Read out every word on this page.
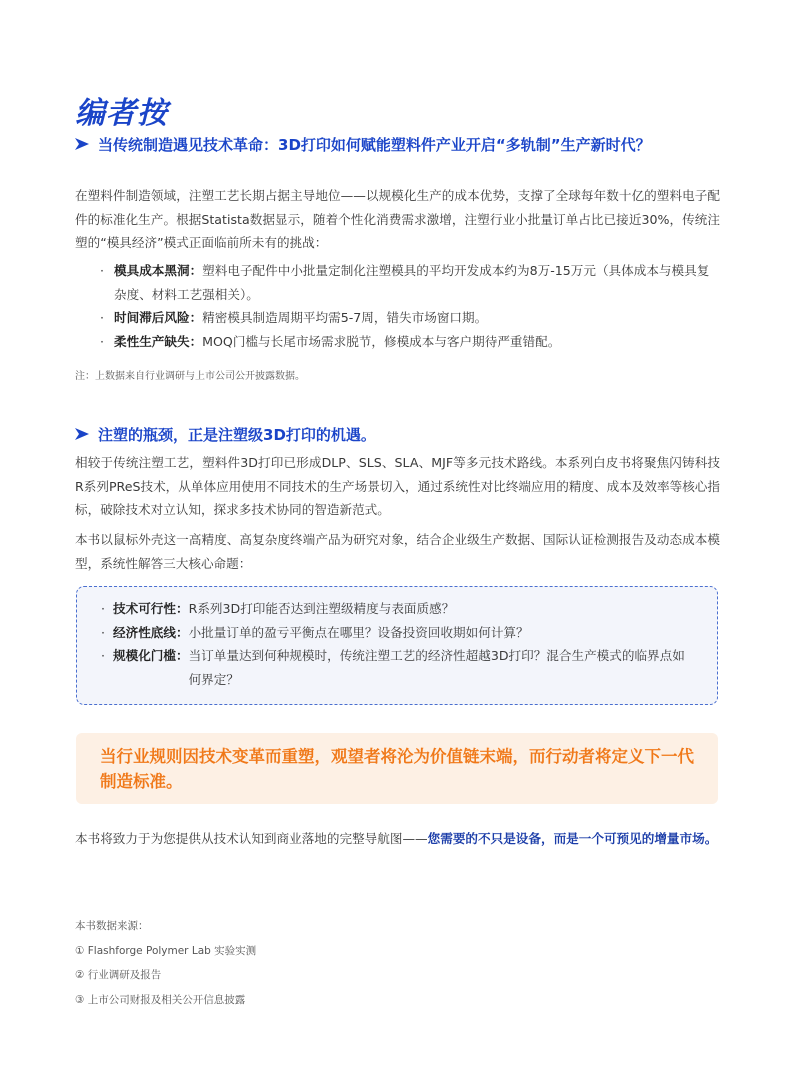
编者按
当传统制造遇见技术革命：3D打印如何赋能塑料件产业开启“多轨制”生产新时代？
在塑料件制造领域，注塑工艺长期占据主导地位——以规模化生产的成本优势，支撑了全球每年数十亿的塑料电子配件的标准化生产。根据Statista数据显示，随着个性化消费需求激增，注塑行业小批量订单占比已接近30%，传统注塑的“模具经济”模式正面临前所未有的挑战：
· 模具成本黑洞：塑料电子配件中小批量定制化注塑模具的平均开发成本约为8万-15万元（具体成本与模具复杂度、材料工艺强相关）。
· 时间滞后风险：精密模具制造周期平均需5-7周，错失市场窗口期。
· 柔性生产缺失：MOQ门槛与长尾市场需求脱节，修模成本与客户期待严重错配。
注：上数据来自行业调研与上市公司公开披露数据。
注塑的瓶颈，正是注塑级3D打印的机遇。
相较于传统注塑工艺，塑料件3D打印已形成DLP、SLS、SLA、MJF等多元技术路线。本系列白皮书将聚焦闪铸科技R系列PReS技术，从单体应用使用不同技术的生产场景切入，通过系统性对比终端应用的精度、成本及效率等核心指标，破除技术对立认知，探求多技术协同的智造新范式。
本书以鼠标外壳这一高精度、高复杂度终端产品为研究对象，结合企业级生产数据、国际认证检测报告及动态成本模型，系统性解答三大核心命题：
· 技术可行性： R系列3D打印能否达到注塑级精度与表面质感？
· 经济性底线： 小批量订单的盈亏平衡点在哪里？设备投资回收期如何计算？
· 规模化门槛： 当订单量达到何种规模时，传统注塑工艺的经济性超越3D打印？混合生产模式的临界点如何界定？
当行业规则因技术变革而重塑，观望者将沦为价值链末端，而行动者将定义下一代制造标准。
本书将致力于为您提供从技术认知到商业落地的完整导航图——您需要的不只是设备，而是一个可预见的增量市场。
本书数据来源：
① Flashforge Polymer Lab 实验实测
② 行业调研及报告
③ 上市公司财报及相关公开信息披露
